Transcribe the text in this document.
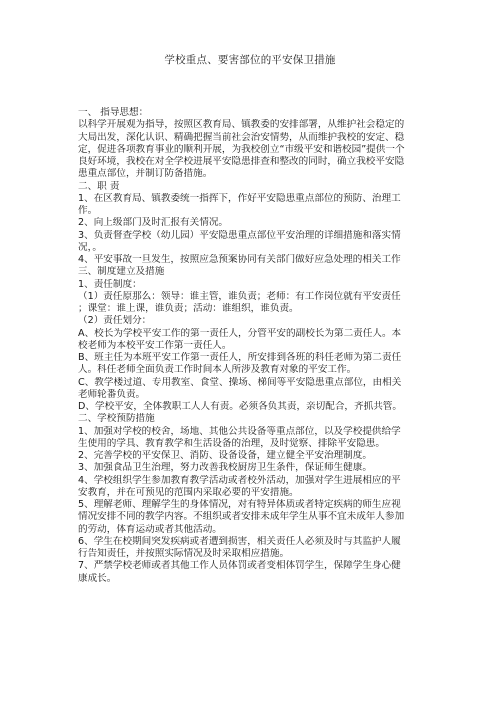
学校重点、要害部位的平安保卫措施
一、 指导思想：
以科学开展观为指导，按照区教育局、镇教委的安排部署，从维护社会稳定的
大局出发，深化认识、精确把握当前社会治安情势，从而维护我校的安定、稳
定，促进各项教育事业的顺利开展，为我校创立“市级平安和谐校园”提供一个
良好环境，我校在对全学校进展平安隐患排查和整改的同时，确立我校平安隐
患重点部位，并制订防备措施。
二、职 责
1、在区教育局、镇教委统一指挥下，作好平安隐患重点部位的预防、治理工
作。
2、向上级部门及时汇报有关情况。
3、负责督查学校（幼儿园）平安隐患重点部位平安治理的详细措施和落实情
况，。
4、平安事故一旦发生，按照应急预案协同有关部门做好应急处理的相关工作
三、制度建立及措施
1、责任制度：
（1）责任原那么：领导：谁主管，谁负责；老师：有工作岗位就有平安责任
；课堂：谁上课，谁负责；活动：谁组织，谁负责。
（2）责任划分：
A、校长为学校平安工作的第一责任人，分管平安的副校长为第二责任人。本
校老师为本校平安工作第一责任人。
B、班主任为本班平安工作第一责任人，所安排到各班的科任老师为第二责任
人。科任老师全面负责工作时间本人所涉及教育对象的平安工作。
C、教学楼过道、专用教室、食堂、操场、梯间等平安隐患重点部位，由相关
老师轮番负责。
D、学校平安，全体教职工人人有责。必须各负其责，亲切配合，齐抓共管。
二、学校预防措施
1、加强对学校的校舍，场地、其他公共设备等重点部位，以及学校提供给学
生使用的学具、教育教学和生活设备的治理，及时觉察、排除平安隐患。
2、完善学校的平安保卫、消防、设备设备，建立健全平安治理制度。
3、加强食品卫生治理，努力改善我校厨房卫生条件，保证师生健康。
4、学校组织学生参加教育教学活动或者校外活动，加强对学生进展相应的平
安教育，并在可预见的范围内采取必要的平安措施。
5、理解老师、理解学生的身体情况，对有特异体质或者特定疾病的师生应视
情况安排不同的教学内容。不组织或者安排未成年学生从事不宜未成年人参加
的劳动，体育运动或者其他活动。
6、学生在校期间突发疾病或者遭到损害，相关责任人必须及时与其监护人履
行告知责任，并按照实际情况及时采取相应措施。
7、严禁学校老师或者其他工作人员体罚或者变相体罚学生，保障学生身心健
康成长。
